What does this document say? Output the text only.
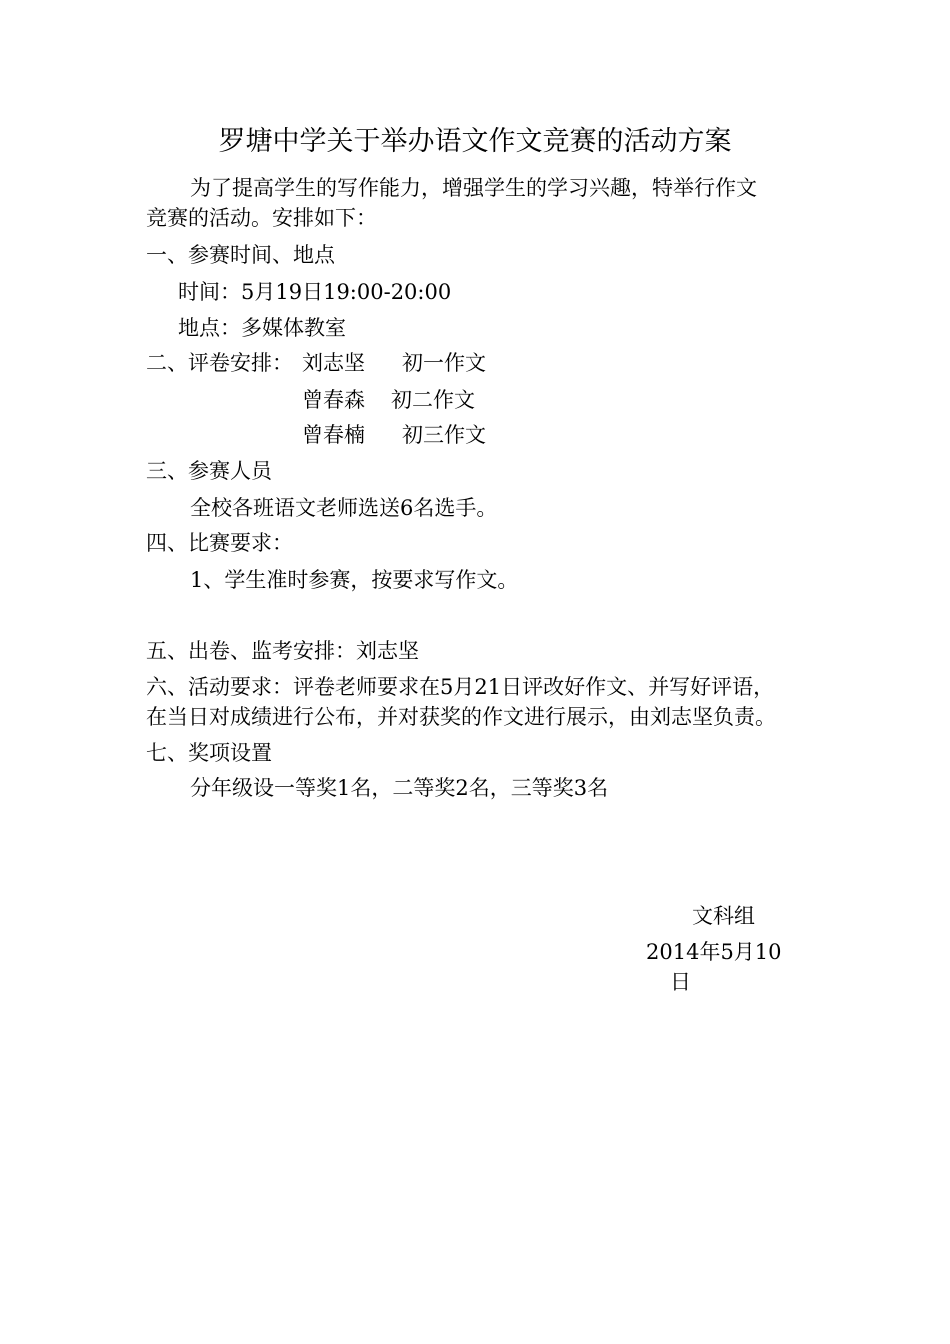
罗塘中学关于举办语文作文竞赛的活动方案
为了提高学生的写作能力，增强学生的学习兴趣，特举行作文
竞赛的活动。安排如下：
一、参赛时间、地点
时间：5月19日19:00-20:00
地点：多媒体教室
二、评卷安排： 刘志坚 初一作文
曾春森 初二作文
曾春楠 初三作文
三、参赛人员
全校各班语文老师选送6名选手。
四、比赛要求：
1、学生准时参赛，按要求写作文。
五、出卷、监考安排：刘志坚
六、活动要求：评卷老师要求在5月21日评改好作文、并写好评语，
在当日对成绩进行公布，并对获奖的作文进行展示，由刘志坚负责。
七、奖项设置
分年级设一等奖1名，二等奖2名，三等奖3名
文科组
2014年5月10
日
